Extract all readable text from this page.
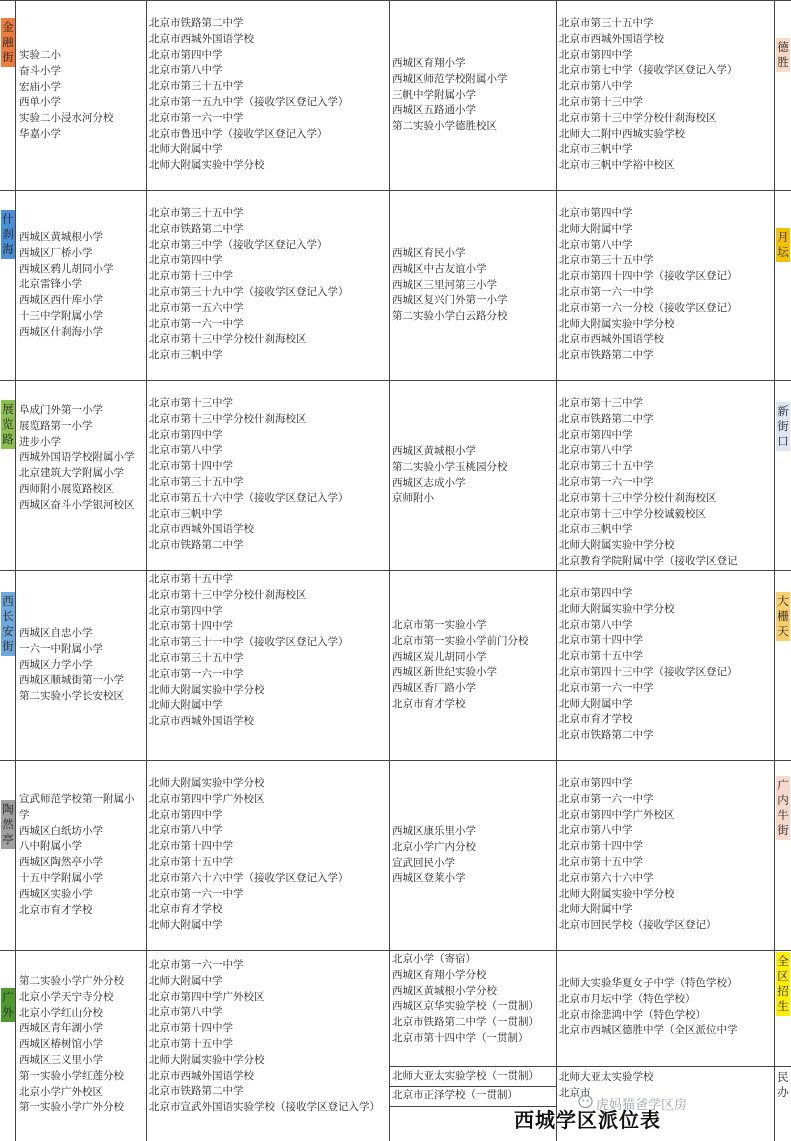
金融街
什刹海
展览路
西长安街
陶然亭
广外
德胜
月坛
新街口
大栅天
广内牛街
全区招生
民办
实验二小
奋斗小学
宏庙小学
西单小学
实验二小浸水河分校
华嘉小学
西城区黄城根小学
西城区厂桥小学
西城区鸦儿胡同小学
北京雷锋小学
西城区西什库小学
十三中学附属小学
西城区什刹海小学
阜成门外第一小学
展览路第一小学
进步小学
西城外国语学校附属小学
北京建筑大学附属小学
西师附小展览路校区
西城区奋斗小学银河校区
西城区自忠小学
一六一中附属小学
西城区力学小学
西城区顺城街第一小学
第二实验小学长安校区
宣武师范学校第一附属小学
西城区白纸坊小学
八中附属小学
西城区陶然亭小学
十五中学附属小学
西城区实验小学
北京市育才学校
第二实验小学广外分校
北京小学天宁寺分校
北京小学红山分校
西城区青年湖小学
西城区椿树馆小学
西城区三义里小学
第一实验小学红莲分校
北京小学广外校区
第一实验小学广外分校
北京市铁路第二中学
北京市西城外国语学校
北京市第四中学
北京市第八中学
北京市第三十五中学
北京市第一五九中学（接收学区登记入学）
北京市第一六一中学
北京市鲁迅中学（接收学区登记入学）
北师大附属中学
北师大附属实验中学分校
北京市第三十五中学
北京市铁路第二中学
北京市第三中学（接收学区登记入学）
北京市第四中学
北京市第十三中学
北京市第三十九中学（接收学区登记入学）
北京市第一五六中学
北京市第一六一中学
北京市第十三中学分校什刹海校区
北京市三帆中学
北京市第十三中学
北京市第十三中学分校什刹海校区
北京市第四中学
北京市第八中学
北京市第十四中学
北京市第三十五中学
北京市第五十六中学（接收学区登记入学）
北京市三帆中学
北京市西城外国语学校
北京市铁路第二中学
北京市第十五中学
北京市第十三中学分校什刹海校区
北京市第四中学
北京市第十四中学
北京市第三十一中学（接收学区登记入学）
北京市第三十五中学
北京市第一六一中学
北师大附属实验中学分校
北师大附属中学
北京市西城外国语学校
北师大附属实验中学分校
北京市第四中学广外校区
北京市第四中学
北京市第八中学
北京市第十四中学
北京市第十五中学
北京市第六十六中学（接收学区登记入学）
北京市第一六一中学
北京市育才学校
北师大附属中学
北京市第一六一中学
北师大附属中学
北京市第四中学广外校区
北京市第八中学
北京市第十四中学
北京市第十五中学
北师大附属实验中学分校
北京市西城外国语学校
北京市铁路第二中学
北京市宣武外国语实验学校（接收学区登记入学）
西城区育翔小学
西城区师范学校附属小学
三帆中学附属小学
西城区五路通小学
第二实验小学德胜校区
西城区育民小学
西城区中古友谊小学
西城区三里河第三小学
西城区复兴门外第一小学
第二实验小学白云路分校
西城区黄城根小学
第二实验小学玉桃园分校
西城区志成小学
京师附小
北京市第一实验小学
北京市第一实验小学前门分校
西城区炭儿胡同小学
西城区新世纪实验小学
西城区香厂路小学
北京市育才学校
西城区康乐里小学
北京小学广内分校
宣武回民小学
西城区登莱小学
北京小学（寄宿）
西城区育翔小学分校
西城区黄城根小学分校
西城区京华实验学校（一贯制）
北京市铁路第二中学（一贯制）
北京市第十四中学（一贯制）
北京市第三十五中学
北京市西城外国语学校
北京市第四中学
北京市第七中学（接收学区登记入学）
北京市第八中学
北京市第十三中学
北京市第十三中学分校什刹海校区
北师大二附中西城实验学校
北京市三帆中学
北京市三帆中学裕中校区
北京市第四中学
北师大附属中学
北京市第八中学
北京市第三十五中学
北京市第四十四中学（接收学区登记）
北京市第一六一中学
北京市第一六一分校（接收学区登记）
北师大附属实验中学分校
北京市西城外国语学校
北京市铁路第二中学
北京市第十三中学
北京市铁路第二中学
北京市第四中学
北京市第八中学
北京市第三十五中学
北京市第一六一中学
北京市第十三中学分校什刹海校区
北京市第十三中学分校诚毅校区
北京市三帆中学
北师大附属实验中学分校
北京教育学院附属中学（接收学区登记
北京市第四中学
北师大附属实验中学分校
北京市第八中学
北京市第十四中学
北京市第十五中学
北京市第四十三中学（接收学区登记）
北京市第一六一中学
北师大附属中学
北京市育才学校
北京市铁路第二中学
北京市第四中学
北京市第一六一中学
北京市第四中学广外校区
北京市第八中学
北京市第十四中学
北京市第十五中学
北京市第六十六中学
北师大附属实验中学分校
北师大附属中学
北京市回民学校（接收学区登记）
北师大实验华夏女子中学（特色学校）
北京市月坛中学（特色学校）
北京市徐悲鸿中学（特色学校）
北京市西城区德胜中学（全区派位中学
北师大亚太实验学校（一贯制）
北京市正泽学校（一贯制）
北师大亚太实验学校
北京市
虎妈猫爸学区房
西城学区派位表
